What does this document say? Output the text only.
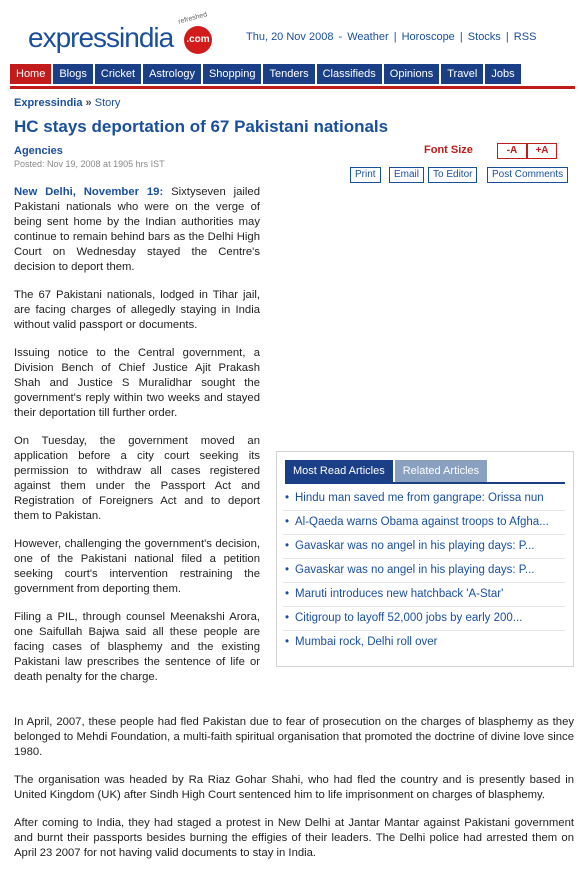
refreshed
expressindia .com	Thu, 20 Nov 2008 - Weather | Horoscope | Stocks | RSS
Home	Blogs	Cricket	Astrology	Shopping	Tenders	Classifieds	Opinions	Travel	Jobs
Expressindia » Story
HC stays deportation of 67 Pakistani nationals
Agencies
Posted: Nov 19, 2008 at 1905 hrs IST
Font Size	-A	+A
Print	Email	To Editor	Post Comments

New Delhi, November 19: Sixtyseven jailed Pakistani nationals who were on the verge of being sent home by the Indian authorities may continue to remain behind bars as the Delhi High Court on Wednesday stayed the Centre's decision to deport them.

The 67 Pakistani nationals, lodged in Tihar jail, are facing charges of allegedly staying in India without valid passport or documents.

Issuing notice to the Central government, a Division Bench of Chief Justice Ajit Prakash Shah and Justice S Muralidhar sought the government's reply within two weeks and stayed their deportation till further order.

On Tuesday, the government moved an application before a city court seeking its permission to withdraw all cases registered against them under the Passport Act and Registration of Foreigners Act and to deport them to Pakistan.

However, challenging the government's decision, one of the Pakistani national filed a petition seeking court's intervention restraining the government from deporting them.

Filing a PIL, through counsel Meenakshi Arora, one Saifullah Bajwa said all these people are facing cases of blasphemy and the existing Pakistani law prescribes the sentence of life or death penalty for the charge.

Most Read Articles	Related Articles
• Hindu man saved me from gangrape: Orissa nun
• Al-Qaeda warns Obama against troops to Afgha...
• Gavaskar was no angel in his playing days: P...
• Gavaskar was no angel in his playing days: P...
• Maruti introduces new hatchback 'A-Star'
• Citigroup to layoff 52,000 jobs by early 200...
• Mumbai rock, Delhi roll over

In April, 2007, these people had fled Pakistan due to fear of prosecution on the charges of blasphemy as they belonged to Mehdi Foundation, a multi-faith spiritual organisation that promoted the doctrine of divine love since 1980.

The organisation was headed by Ra Riaz Gohar Shahi, who had fled the country and is presently based in United Kingdom (UK) after Sindh High Court sentenced him to life imprisonment on charges of blasphemy.

After coming to India, they had staged a protest in New Delhi at Jantar Mantar against Pakistani government and burnt their passports besides burning the effigies of their leaders. The Delhi police had arrested them on April 23 2007 for not having valid documents to stay in India.
